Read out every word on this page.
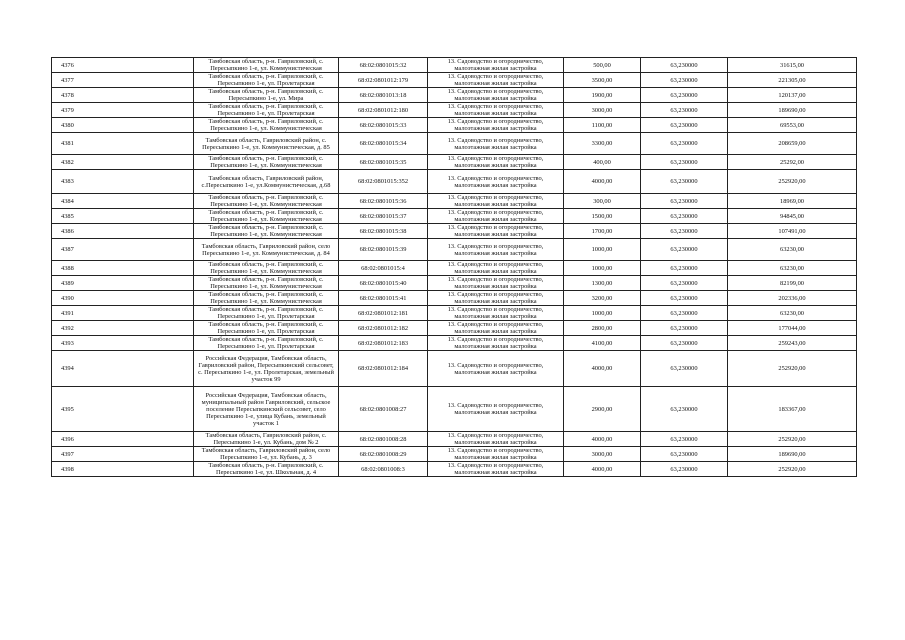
4376	Тамбовская область, р-н. Гавриловский, с. Пересыпкино 1-е, ул. Коммунистическая	68:02:0801015:32	13. Садоводство и огородничество, малоэтажная жилая застройка	500,00	63,230000	31615,00
4377	Тамбовская область, р-н. Гавриловский, с. Пересыпкино 1-е, ул. Пролетарская	68:02:0801012:179	13. Садоводство и огородничество, малоэтажная жилая застройка	3500,00	63,230000	221305,00
4378	Тамбовская область, р-н. Гавриловский, с. Пересыпкино 1-е, ул. Мира	68:02:0801013:18	13. Садоводство и огородничество, малоэтажная жилая застройка	1900,00	63,230000	120137,00
4379	Тамбовская область, р-н. Гавриловский, с. Пересыпкино 1-е, ул. Пролетарская	68:02:0801012:180	13. Садоводство и огородничество, малоэтажная жилая застройка	3000,00	63,230000	189690,00
4380	Тамбовская область, р-н. Гавриловский, с. Пересыпкино 1-е, ул. Коммунистическая	68:02:0801015:33	13. Садоводство и огородничество, малоэтажная жилая застройка	1100,00	63,230000	69553,00
4381	Тамбовская область, Гавриловский район, с. Пересыпкино 1-е, ул. Коммунистическая, д. 85	68:02:0801015:34	13. Садоводство и огородничество, малоэтажная жилая застройка	3300,00	63,230000	208659,00
4382	Тамбовская область, р-н. Гавриловский, с. Пересыпкино 1-е, ул. Коммунистическая	68:02:0801015:35	13. Садоводство и огородничество, малоэтажная жилая застройка	400,00	63,230000	25292,00
4383	Тамбовская область, Гавриловский район, с.Пересыпкино 1-е, ул.Коммунистическая, д.68	68:02:0801015:352	13. Садоводство и огородничество, малоэтажная жилая застройка	4000,00	63,230000	252920,00
4384	Тамбовская область, р-н. Гавриловский, с. Пересыпкино 1-е, ул. Коммунистическая	68:02:0801015:36	13. Садоводство и огородничество, малоэтажная жилая застройка	300,00	63,230000	18969,00
4385	Тамбовская область, р-н. Гавриловский, с. Пересыпкино 1-е, ул. Коммунистическая	68:02:0801015:37	13. Садоводство и огородничество, малоэтажная жилая застройка	1500,00	63,230000	94845,00
4386	Тамбовская область, р-н. Гавриловский, с. Пересыпкино 1-е, ул. Коммунистическая	68:02:0801015:38	13. Садоводство и огородничество, малоэтажная жилая застройка	1700,00	63,230000	107491,00
4387	Тамбовская область, Гавриловский район, село Пересыпкино 1-е, ул. Коммунистическая, д. 84	68:02:0801015:39	13. Садоводство и огородничество, малоэтажная жилая застройка	1000,00	63,230000	63230,00
4388	Тамбовская область, р-н. Гавриловский, с. Пересыпкино 1-е, ул. Коммунистическая	68:02:0801015:4	13. Садоводство и огородничество, малоэтажная жилая застройка	1000,00	63,230000	63230,00
4389	Тамбовская область, р-н. Гавриловский, с. Пересыпкино 1-е, ул. Коммунистическая	68:02:0801015:40	13. Садоводство и огородничество, малоэтажная жилая застройка	1300,00	63,230000	82199,00
4390	Тамбовская область, р-н. Гавриловский, с. Пересыпкино 1-е, ул. Коммунистическая	68:02:0801015:41	13. Садоводство и огородничество, малоэтажная жилая застройка	3200,00	63,230000	202336,00
4391	Тамбовская область, р-н. Гавриловский, с. Пересыпкино 1-е, ул. Пролетарская	68:02:0801012:181	13. Садоводство и огородничество, малоэтажная жилая застройка	1000,00	63,230000	63230,00
4392	Тамбовская область, р-н. Гавриловский, с. Пересыпкино 1-е, ул. Пролетарская	68:02:0801012:182	13. Садоводство и огородничество, малоэтажная жилая застройка	2800,00	63,230000	177044,00
4393	Тамбовская область, р-н. Гавриловский, с. Пересыпкино 1-е, ул. Пролетарская	68:02:0801012:183	13. Садоводство и огородничество, малоэтажная жилая застройка	4100,00	63,230000	259243,00
4394	Российская Федерация, Тамбовская область, Гавриловский район, Пересыпкинский сельсовет, с. Пересыпкино 1-е, ул. Пролетарская, земельный участок 99	68:02:0801012:184	13. Садоводство и огородничество, малоэтажная жилая застройка	4000,00	63,230000	252920,00
4395	Российская Федерация, Тамбовская область, муниципальный район Гавриловский, сельское поселение Пересыпкинский сельсовет, село Пересыпкино 1-е, улица Кубань, земельный участок 1	68:02:0801008:27	13. Садоводство и огородничество, малоэтажная жилая застройка	2900,00	63,230000	183367,00
4396	Тамбовская область, Гавриловский район, с. Пересыпкино 1-е, ул. Кубань, дом № 2	68:02:0801008:28	13. Садоводство и огородничество, малоэтажная жилая застройка	4000,00	63,230000	252920,00
4397	Тамбовская область, Гавриловский район, село Пересыпкино 1-е, ул. Кубань, д. 3	68:02:0801008:29	13. Садоводство и огородничество, малоэтажная жилая застройка	3000,00	63,230000	189690,00
4398	Тамбовская область, р-н. Гавриловский, с. Пересыпкино 1-е, ул. Школьная, д. 4	68:02:0801008:3	13. Садоводство и огородничество, малоэтажная жилая застройка	4000,00	63,230000	252920,00
